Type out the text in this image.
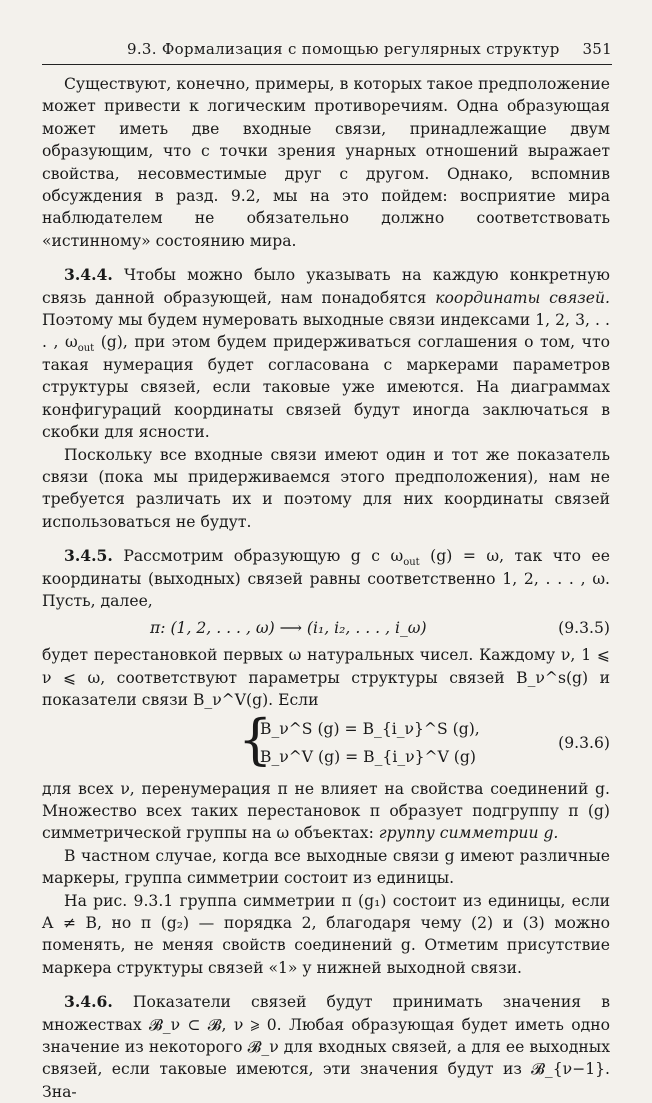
9.3. Формализация с помощью регулярных структур 351

Существуют, конечно, примеры, в которых такое предположение может привести к логическим противоречиям. Одна образующая может иметь две входные связи, принадлежащие двум образующим, что с точки зрения унарных отношений выражает свойства, несовместимые друг с другом. Однако, вспомнив обсуждения в разд. 9.2, мы на это пойдем: восприятие мира наблюдателем не обязательно должно соответствовать «истинному» состоянию мира.

3.4.4. Чтобы можно было указывать на каждую конкретную связь данной образующей, нам понадобятся координаты связей. Поэтому мы будем нумеровать выходные связи индексами 1, 2, 3, . . . , $\omega_{out}$ (g), при этом будем придерживаться соглашения о том, что такая нумерация будет согласована с маркерами параметров структуры связей, если таковые уже имеются. На диаграммах конфигураций координаты связей будут иногда заключаться в скобки для ясности.

Поскольку все входные связи имеют один и тот же показатель связи (пока мы придерживаемся этого предположения), нам не требуется различать их и поэтому для них координаты связей использоваться не будут.

3.4.5. Рассмотрим образующую g с $\omega_{out}$ (g) = ω, так что ее координаты (выходных) связей равны соответственно 1, 2, . . . , ω. Пусть, далее,

π: (1, 2, . . . , ω) ⟶ (i₁, i₂, . . . , i_ω)	(9.3.5)

будет перестановкой первых ω натуральных чисел. Каждому ν, 1 ⩽ ν ⩽ ω, соответствуют параметры структуры связей B_ν^s(g) и показатели связи B_ν^V(g). Если

{
B_ν^S (g) = B_{i_ν}^S (g),
B_ν^V (g) = B_{i_ν}^V (g)
(9.3.6)

для всех ν, перенумерация π не влияет на свойства соединений g. Множество всех таких перестановок π образует подгруппу π (g) симметрической группы на ω объектах: группу симметрии g.

В частном случае, когда все выходные связи g имеют различные маркеры, группа симметрии состоит из единицы.

На рис. 9.3.1 группа симметрии π (g₁) состоит из единицы, если A ≠ B, но π (g₂) — порядка 2, благодаря чему (2) и (3) можно поменять, не меняя свойств соединений g. Отметим присутствие маркера структуры связей «1» у нижней выходной связи.

3.4.6. Показатели связей будут принимать значения в множествах 𝓑_ν ⊂ 𝓑, ν ⩾ 0. Любая образующая будет иметь одно значение из некоторого 𝓑_ν для входных связей, а для ее выходных связей, если таковые имеются, эти значения будут из 𝓑_{ν−1}. Зна-
